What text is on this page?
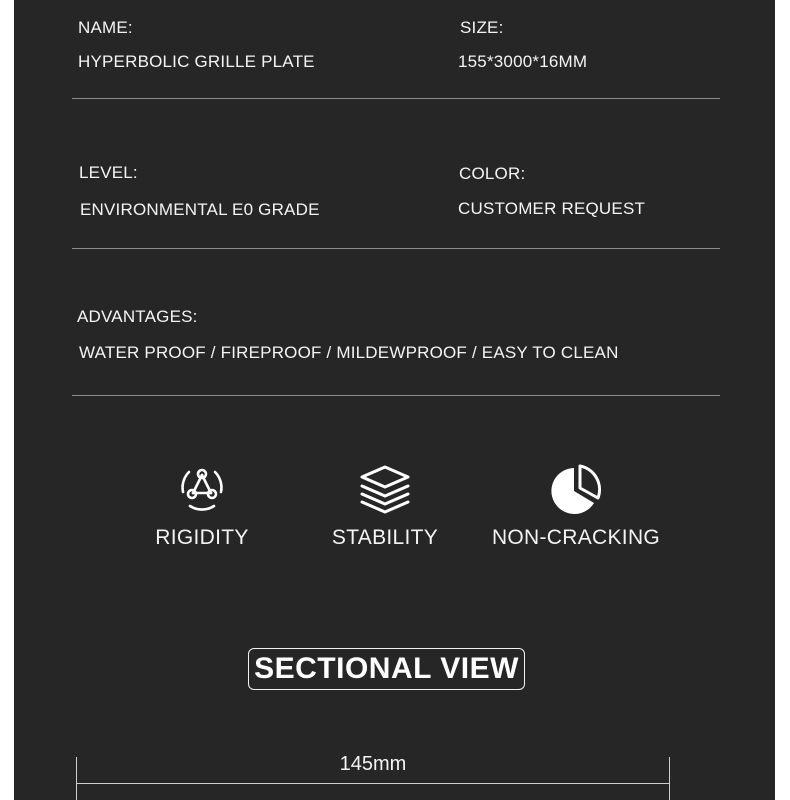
NAME:
HYPERBOLIC GRILLE PLATE
SIZE:
155*3000*16MM
LEVEL:
ENVIRONMENTAL E0 GRADE
COLOR:
CUSTOMER REQUEST
ADVANTAGES:
WATER PROOF / FIREPROOF / MILDEWPROOF / EASY TO CLEAN
RIGIDITY	STABILITY	NON-CRACKING
SECTIONAL VIEW
145mm
